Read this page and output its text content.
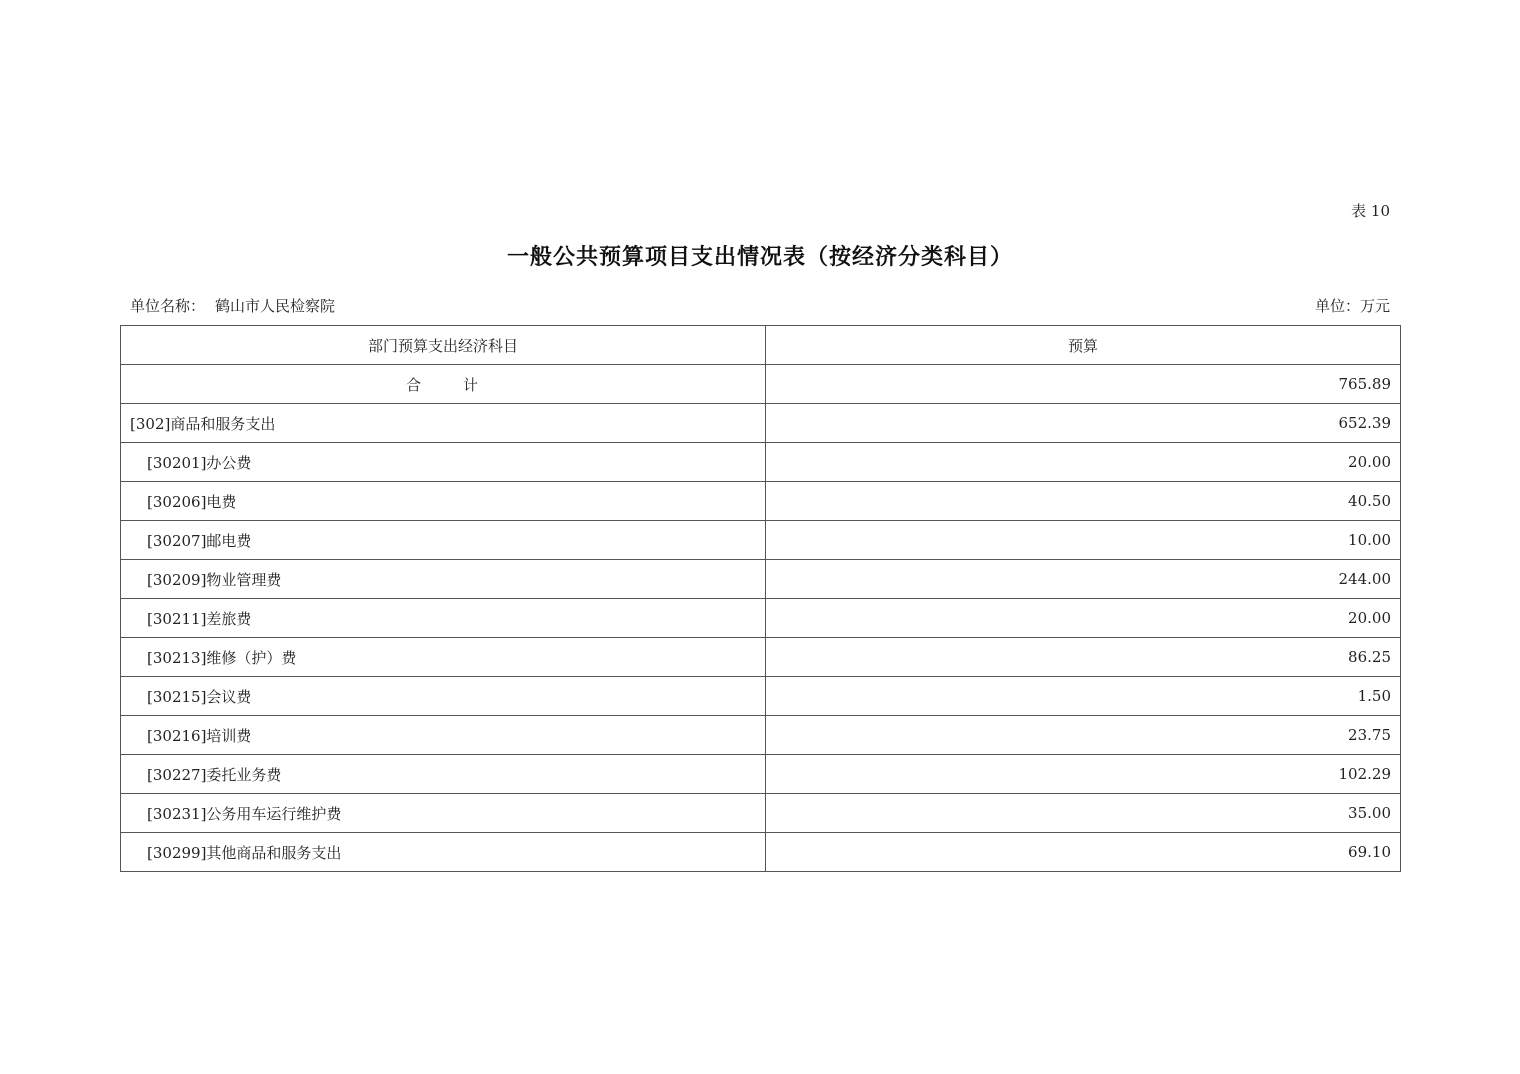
表 10
一般公共预算项目支出情况表（按经济分类科目）
单位名称： 鹤山市人民检察院	单位：万元
部门预算支出经济科目	预算
合 计	765.89
[302]商品和服务支出	652.39
[30201]办公费	20.00
[30206]电费	40.50
[30207]邮电费	10.00
[30209]物业管理费	244.00
[30211]差旅费	20.00
[30213]维修（护）费	86.25
[30215]会议费	1.50
[30216]培训费	23.75
[30227]委托业务费	102.29
[30231]公务用车运行维护费	35.00
[30299]其他商品和服务支出	69.10
